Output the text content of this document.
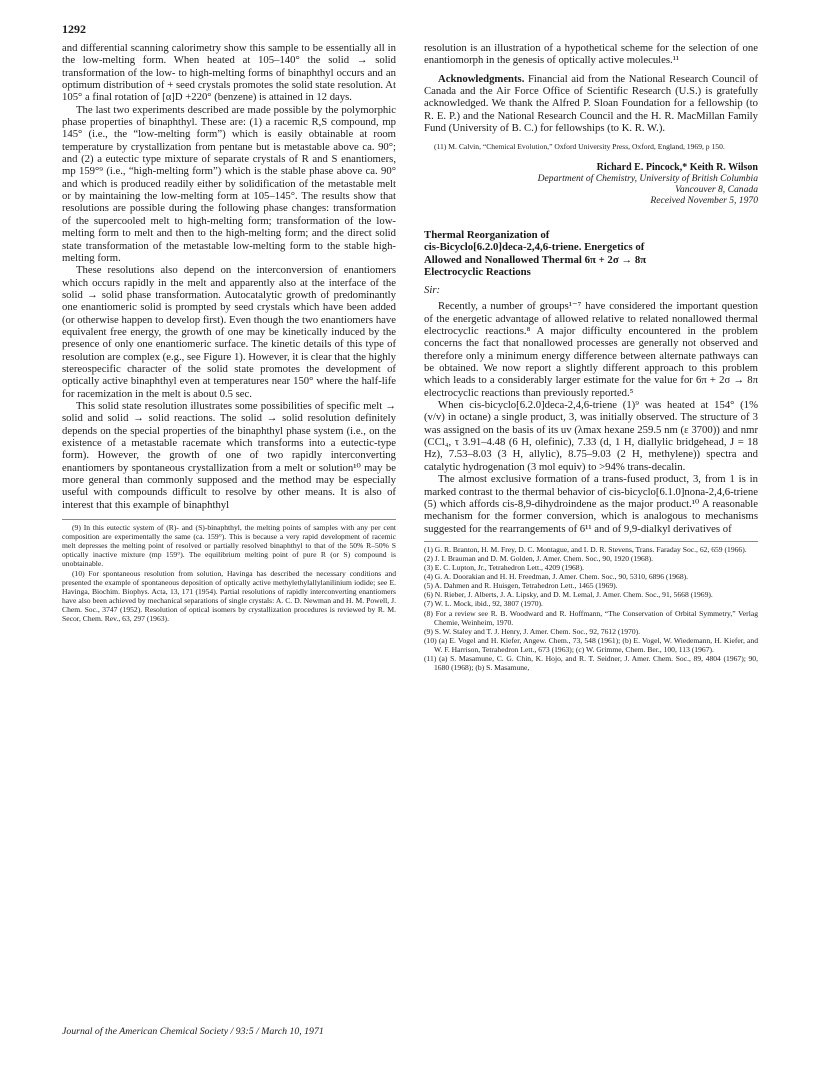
1292

and differential scanning calorimetry show this sample to be essentially all in the low-melting form. When heated at 105–140° the solid → solid transformation of the low- to high-melting forms of binaphthyl occurs and an optimum distribution of + seed crystals promotes the solid state resolution. At 105° a final rotation of [α]D +220° (benzene) is attained in 12 days.

The last two experiments described are made possible by the polymorphic phase properties of binaphthyl. These are: (1) a racemic R,S compound, mp 145° (i.e., the “low-melting form”) which is easily obtainable at room temperature by crystallization from pentane but is metastable above ca. 90°; and (2) a eutectic type mixture of separate crystals of R and S enantiomers, mp 159°⁹ (i.e., “high-melting form”) which is the stable phase above ca. 90° and which is produced readily either by solidification of the metastable melt or by maintaining the low-melting form at 105–145°. The results show that resolutions are possible during the following phase changes: transformation of the supercooled melt to high-melting form; transformation of the low-melting form to melt and then to the high-melting form; and the direct solid state transformation of the metastable low-melting form to the stable high-melting form.

These resolutions also depend on the interconversion of enantiomers which occurs rapidly in the melt and apparently also at the interface of the solid → solid phase transformation. Autocatalytic growth of predominantly one enantiomeric solid is prompted by seed crystals which have been added (or otherwise happen to develop first). Even though the two enantiomers have equivalent free energy, the growth of one may be kinetically induced by the presence of only one enantiomeric surface. The kinetic details of this type of resolution are complex (e.g., see Figure 1). However, it is clear that the highly stereospecific character of the solid state promotes the development of optically active binaphthyl even at temperatures near 150° where the half-life for racemization in the melt is about 0.5 sec.

This solid state resolution illustrates some possibilities of specific melt → solid and solid → solid reactions. The solid → solid resolution definitely depends on the special properties of the binaphthyl phase system (i.e., on the existence of a metastable racemate which transforms into a eutectic-type form). However, the growth of one of two rapidly interconverting enantiomers by spontaneous crystallization from a melt or solution¹⁰ may be more general than commonly supposed and the method may be especially useful with compounds difficult to resolve by other means. It is also of interest that this example of binaphthyl

(9) In this eutectic system of (R)- and (S)-binaphthyl, the melting points of samples with any per cent composition are experimentally the same (ca. 159°). This is because a very rapid development of racemic melt depresses the melting point of resolved or partially resolved binaphthyl to that of the 50% R–50% S optically inactive mixture (mp 159°). The equilibrium melting point of pure R (or S) compound is unobtainable.

(10) For spontaneous resolution from solution, Havinga has described the necessary conditions and presented the example of spontaneous deposition of optically active methylethylallylanilinium iodide; see E. Havinga, Biochim. Biophys. Acta, 13, 171 (1954). Partial resolutions of rapidly interconverting enantiomers have also been achieved by mechanical separations of single crystals: A. C. D. Newman and H. M. Powell, J. Chem. Soc., 3747 (1952). Resolution of optical isomers by crystallization procedures is reviewed by R. M. Secor, Chem. Rev., 63, 297 (1963).

resolution is an illustration of a hypothetical scheme for the selection of one enantiomorph in the genesis of optically active molecules.¹¹

Acknowledgments. Financial aid from the National Research Council of Canada and the Air Force Office of Scientific Research (U.S.) is gratefully acknowledged. We thank the Alfred P. Sloan Foundation for a fellowship (to R. E. P.) and the National Research Council and the H. R. MacMillan Family Fund (University of B. C.) for fellowships (to K. R. W.).

(11) M. Calvin, “Chemical Evolution,” Oxford University Press, Oxford, England, 1969, p 150.

Richard E. Pincock,* Keith R. Wilson

Department of Chemistry, University of British Columbia

Vancouver 8, Canada

Received November 5, 1970

Thermal Reorganization of
cis-Bicyclo[6.2.0]deca-2,4,6-triene. Energetics of
Allowed and Nonallowed Thermal 6π + 2σ → 8π
Electrocyclic Reactions

Sir:

Recently, a number of groups¹⁻⁷ have considered the important question of the energetic advantage of allowed relative to related nonallowed thermal electrocyclic reactions.⁸ A major difficulty encountered in the problem concerns the fact that nonallowed processes are generally not observed and therefore only a minimum energy difference between alternate pathways can be obtained. We now report a slightly different approach to this problem which leads to a considerably larger estimate for the value for 6π + 2σ → 8π electrocyclic reactions than previously reported.⁵

When cis-bicyclo[6.2.0]deca-2,4,6-triene (1)⁹ was heated at 154° (1% (v/v) in octane) a single product, 3, was initially observed. The structure of 3 was assigned on the basis of its uv (λmax hexane 259.5 nm (ε 3700)) and nmr (CCl₄, τ 3.91–4.48 (6 H, olefinic), 7.33 (d, 1 H, diallylic bridgehead, J = 18 Hz), 7.53–8.03 (3 H, allylic), 8.75–9.03 (2 H, methylene)) spectra and catalytic hydrogenation (3 mol equiv) to >94% trans-decalin.

The almost exclusive formation of a trans-fused product, 3, from 1 is in marked contrast to the thermal behavior of cis-bicyclo[6.1.0]nona-2,4,6-triene (5) which affords cis-8,9-dihydroindene as the major product.¹⁰ A reasonable mechanism for the former conversion, which is analogous to mechanisms suggested for the rearrangements of 6¹¹ and of 9,9-dialkyl derivatives of

(1) G. R. Branton, H. M. Frey, D. C. Montague, and I. D. R. Stevens, Trans. Faraday Soc., 62, 659 (1966).

(2) J. I. Brauman and D. M. Golden, J. Amer. Chem. Soc., 90, 1920 (1968).

(3) E. C. Lupton, Jr., Tetrahedron Lett., 4209 (1968).

(4) G. A. Doorakian and H. H. Freedman, J. Amer. Chem. Soc., 90, 5310, 6896 (1968).

(5) A. Dahmen and R. Huisgen, Tetrahedron Lett., 1465 (1969).

(6) N. Rieber, J. Alberts, J. A. Lipsky, and D. M. Lemal, J. Amer. Chem. Soc., 91, 5668 (1969).

(7) W. L. Mock, ibid., 92, 3807 (1970).

(8) For a review see R. B. Woodward and R. Hoffmann, “The Conservation of Orbital Symmetry,” Verlag Chemie, Weinheim, 1970.

(9) S. W. Staley and T. J. Henry, J. Amer. Chem. Soc., 92, 7612 (1970).

(10) (a) E. Vogel and H. Kiefer, Angew. Chem., 73, 548 (1961); (b) E. Vogel, W. Wiedemann, H. Kiefer, and W. F. Harrison, Tetrahedron Lett., 673 (1963); (c) W. Grimme, Chem. Ber., 100, 113 (1967).

(11) (a) S. Masamune, C. G. Chin, K. Hojo, and R. T. Seidner, J. Amer. Chem. Soc., 89, 4804 (1967); 90, 1680 (1968); (b) S. Masamune,

Journal of the American Chemical Society / 93:5 / March 10, 1971
